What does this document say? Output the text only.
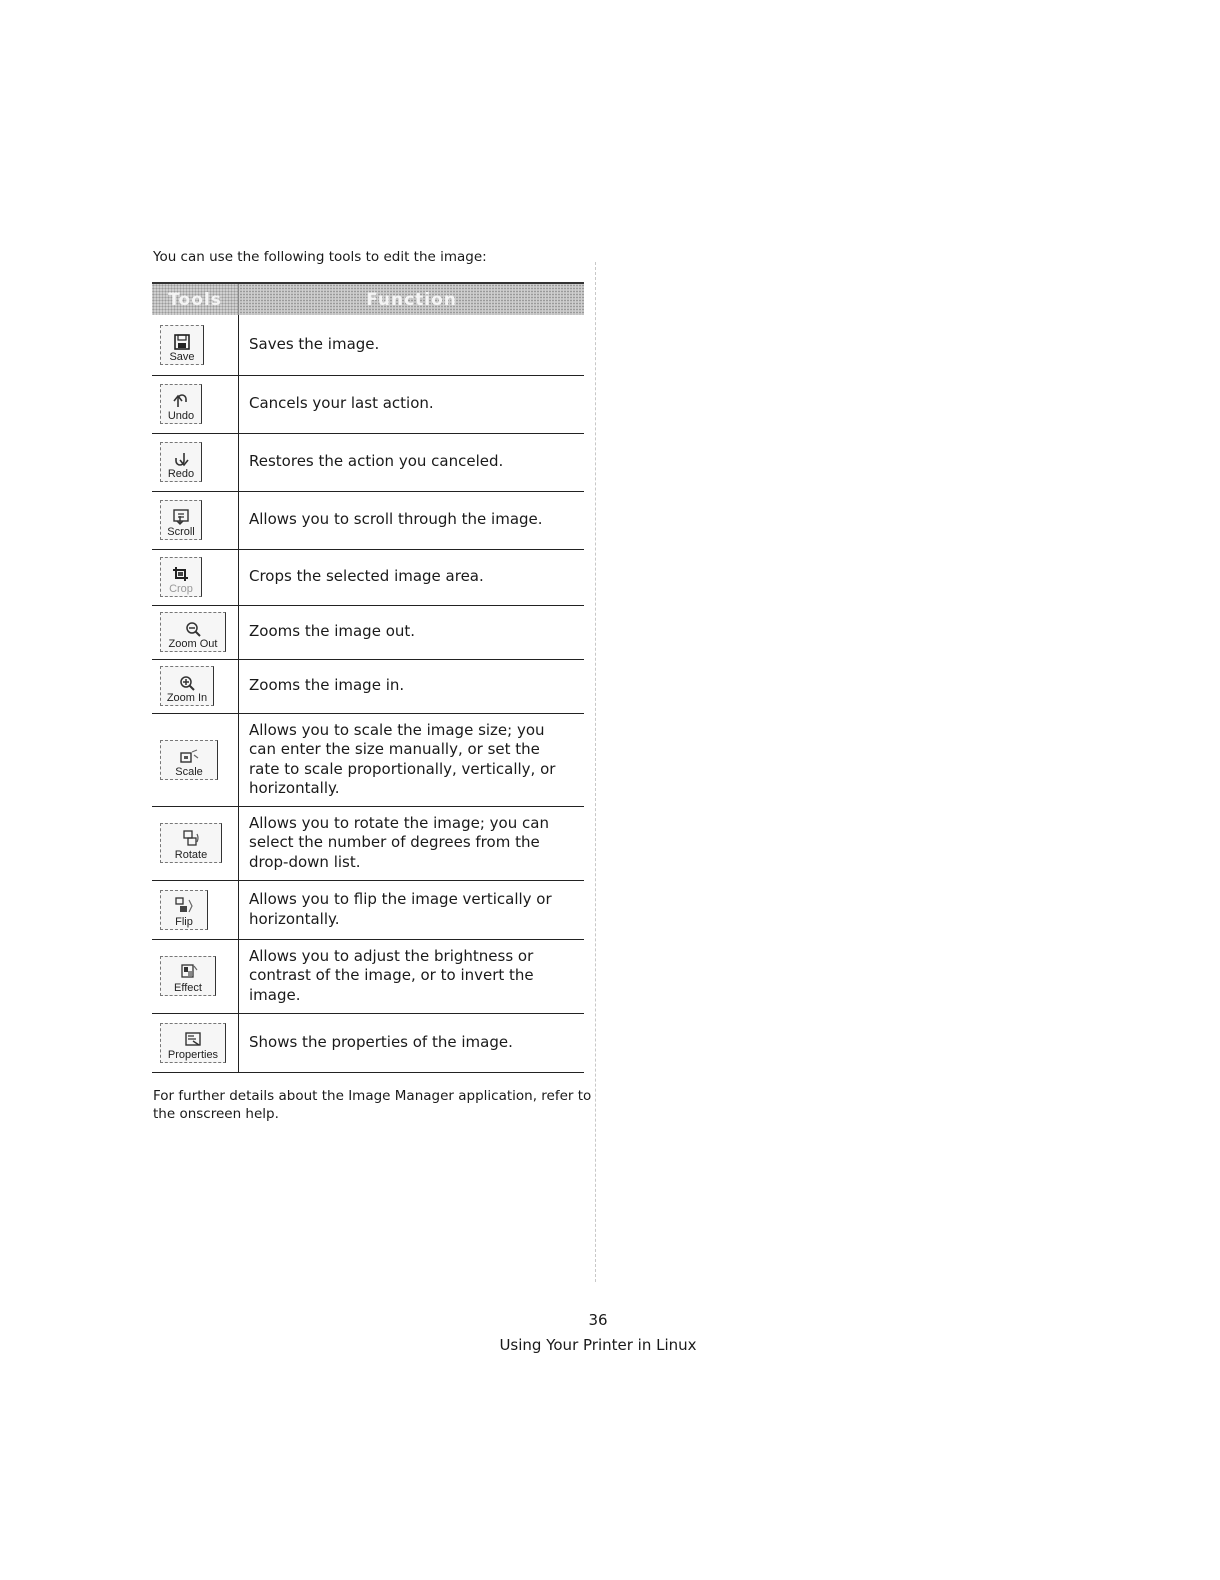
You can use the following tools to edit the image:

Tools	Function

Save	Saves the image.

Undo	Cancels your last action.

Redo	Restores the action you canceled.

Scroll	Allows you to scroll through the image.

Crop	Crops the selected image area.

Zoom Out	Zooms the image out.

Zoom In	Zooms the image in.

Scale	Allows you to scale the image size; you can enter the size manually, or set the rate to scale proportionally, vertically, or horizontally.

Rotate	Allows you to rotate the image; you can select the number of degrees from the drop-down list.

Flip	Allows you to flip the image vertically or horizontally.

Effect	Allows you to adjust the brightness or contrast of the image, or to invert the image.

Properties	Shows the properties of the image.

For further details about the Image Manager application, refer to the onscreen help.

36
Using Your Printer in Linux
